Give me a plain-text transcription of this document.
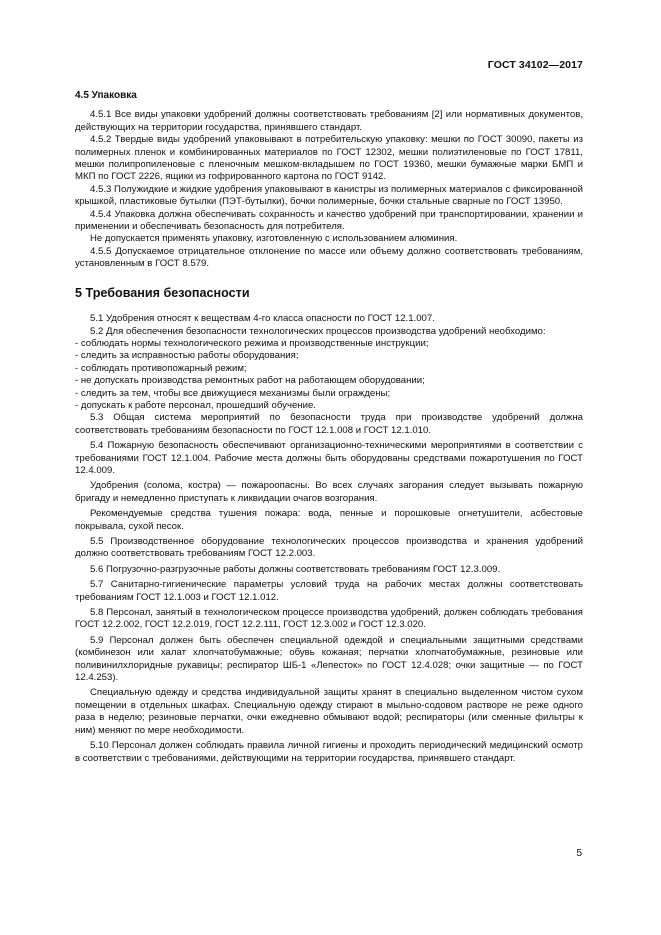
ГОСТ 34102—2017
4.5 Упаковка

4.5.1 Все виды упаковки удобрений должны соответствовать требованиям [2] или нормативных документов, действующих на территории государства, принявшего стандарт.

4.5.2 Твердые виды удобрений упаковывают в потребительскую упаковку: мешки по ГОСТ 30090, пакеты из полимерных пленок и комбинированных материалов по ГОСТ 12302, мешки полиэтиленовые по ГОСТ 17811, мешки полипропиленовые с пленочным мешком-вкладышем по ГОСТ 19360, мешки бумажные марки БМП и МКП по ГОСТ 2226, ящики из гофрированного картона по ГОСТ 9142.

4.5.3 Полужидкие и жидкие удобрения упаковывают в канистры из полимерных материалов с фиксированной крышкой, пластиковые бутылки (ПЭТ-бутылки), бочки полимерные, бочки стальные сварные по ГОСТ 13950.

4.5.4 Упаковка должна обеспечивать сохранность и качество удобрений при транспортировании, хранении и применении и обеспечивать безопасность для потребителя.

Не допускается применять упаковку, изготовленную с использованием алюминия.

4.5.5 Допускаемое отрицательное отклонение по массе или объему должно соответствовать требованиям, установленным в ГОСТ 8.579.

5 Требования безопасности

5.1 Удобрения относят к веществам 4-го класса опасности по ГОСТ 12.1.007.

5.2 Для обеспечения безопасности технологических процессов производства удобрений необходимо:

- соблюдать нормы технологического режима и производственные инструкции;

- следить за исправностью работы оборудования;

- соблюдать противопожарный режим;

- не допускать производства ремонтных работ на работающем оборудовании;

- следить за тем, чтобы все движущиеся механизмы были ограждены;

- допускать к работе персонал, прошедший обучение.

5.3 Общая система мероприятий по безопасности труда при производстве удобрений должна соответствовать требованиям безопасности по ГОСТ 12.1.008 и ГОСТ 12.1.010.

5.4 Пожарную безопасность обеспечивают организационно-техническими мероприятиями в соответствии с требованиями ГОСТ 12.1.004. Рабочие места должны быть оборудованы средствами пожаротушения по ГОСТ 12.4.009.

Удобрения (солома, костра) — пожароопасны. Во всех случаях загорания следует вызывать пожарную бригаду и немедленно приступать к ликвидации очагов возгорания.

Рекомендуемые средства тушения пожара: вода, пенные и порошковые огнетушители, асбестовые покрывала, сухой песок.

5.5 Производственное оборудование технологических процессов производства и хранения удобрений должно соответствовать требованиям ГОСТ 12.2.003.

5.6 Погрузочно-разгрузочные работы должны соответствовать требованиям ГОСТ 12.3.009.

5.7 Санитарно-гигиенические параметры условий труда на рабочих местах должны соответствовать требованиям ГОСТ 12.1.003 и ГОСТ 12.1.012.

5.8 Персонал, занятый в технологическом процессе производства удобрений, должен соблюдать требования ГОСТ 12.2.002, ГОСТ 12.2.019, ГОСТ 12.2.111, ГОСТ 12.3.002 и ГОСТ 12.3.020.

5.9 Персонал должен быть обеспечен специальной одеждой и специальными защитными средствами (комбинезон или халат хлопчатобумажные; обувь кожаная; перчатки хлопчатобумажные, резиновые или поливинилхлоридные рукавицы; респиратор ШБ-1 «Лепесток» по ГОСТ 12.4.028; очки защитные — по ГОСТ 12.4.253).

Специальную одежду и средства индивидуальной защиты хранят в специально выделенном чистом сухом помещении в отдельных шкафах. Специальную одежду стирают в мыльно-содовом растворе не реже одного раза в неделю; резиновые перчатки, очки ежедневно обмывают водой; респираторы (или сменные фильтры к ним) меняют по мере необходимости.

5.10 Персонал должен соблюдать правила личной гигиены и проходить периодический медицинский осмотр в соответствии с требованиями, действующими на территории государства, принявшего стандарт.

5
